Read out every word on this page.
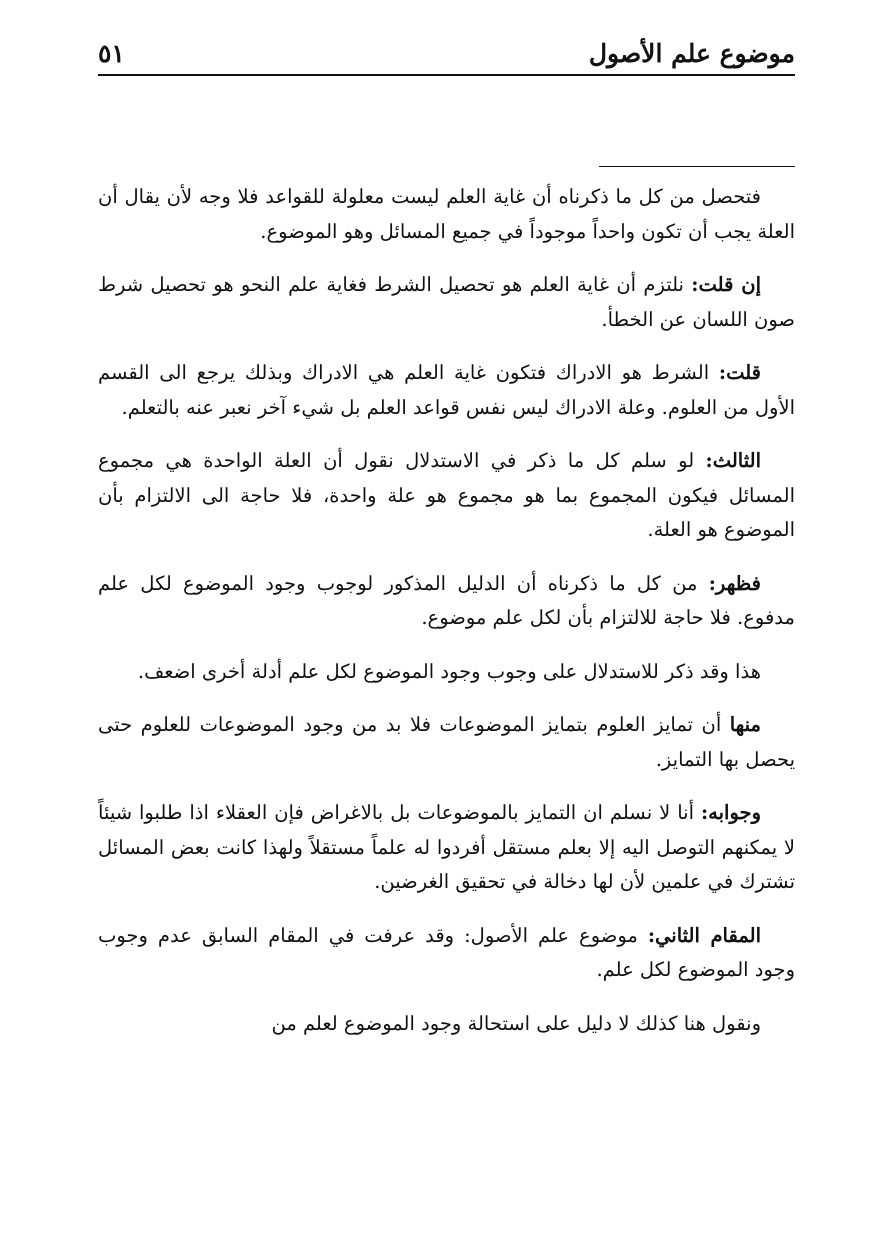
موضوع علم الأصول
٥١

فتحصل من كل ما ذكرناه أن غاية العلم ليست معلولة للقواعد فلا وجه لأن يقال أن العلة يجب أن تكون واحداً موجوداً في جميع المسائل وهو الموضوع.

إن قلت: نلتزم أن غاية العلم هو تحصيل الشرط فغاية علم النحو هو تحصيل شرط صون اللسان عن الخطأ.

قلت: الشرط هو الادراك فتكون غاية العلم هي الادراك وبذلك يرجع الى القسم الأول من العلوم. وعلة الادراك ليس نفس قواعد العلم بل شيء آخر نعبر عنه بالتعلم.

الثالث: لو سلم كل ما ذكر في الاستدلال نقول أن العلة الواحدة هي مجموع المسائل فيكون المجموع بما هو مجموع هو علة واحدة، فلا حاجة الى الالتزام بأن الموضوع هو العلة.

فظهر: من كل ما ذكرناه أن الدليل المذكور لوجوب وجود الموضوع لكل علم مدفوع. فلا حاجة للالتزام بأن لكل علم موضوع.

هذا وقد ذكر للاستدلال على وجوب وجود الموضوع لكل علم أدلة أخرى اضعف.

منها أن تمايز العلوم بتمايز الموضوعات فلا بد من وجود الموضوعات للعلوم حتى يحصل بها التمايز.

وجوابه: أنا لا نسلم ان التمايز بالموضوعات بل بالاغراض فإن العقلاء اذا طلبوا شيئاً لا يمكنهم التوصل اليه إلا بعلم مستقل أفردوا له علماً مستقلاً ولهذا كانت بعض المسائل تشترك في علمين لأن لها دخالة في تحقيق الغرضين.

المقام الثاني: موضوع علم الأصول: وقد عرفت في المقام السابق عدم وجوب وجود الموضوع لكل علم.

ونقول هنا كذلك لا دليل على استحالة وجود الموضوع لعلم من
